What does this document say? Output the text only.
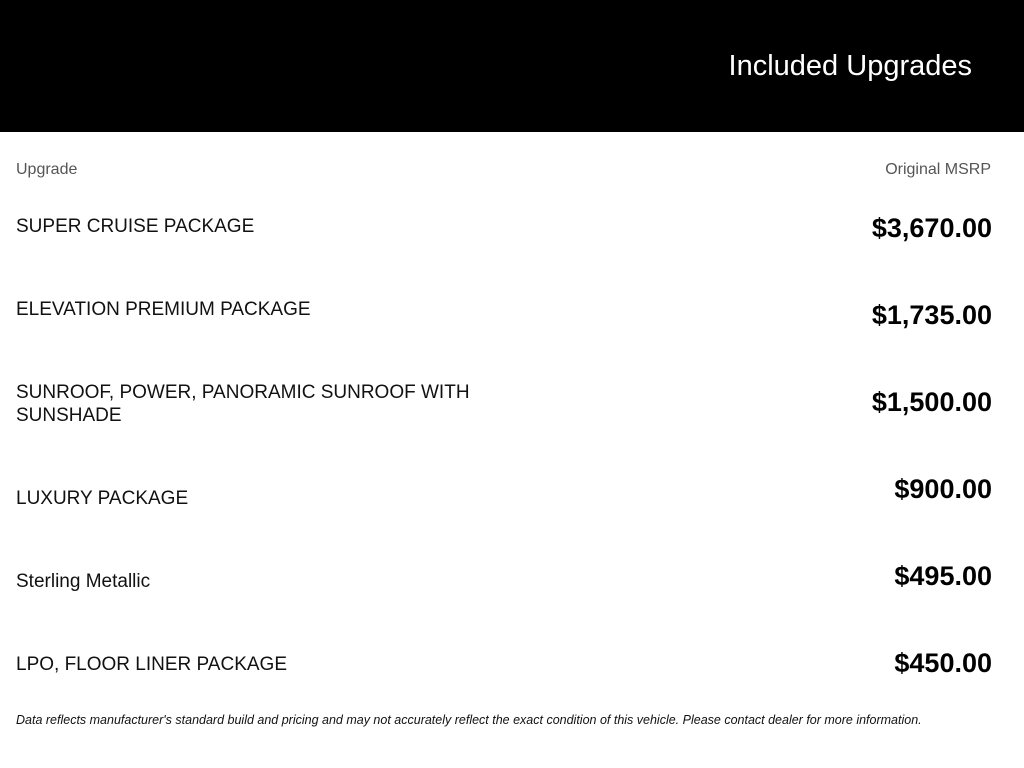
Included Upgrades
Upgrade	Original MSRP
SUPER CRUISE PACKAGE	$3,670.00
ELEVATION PREMIUM PACKAGE	$1,735.00
SUNROOF, POWER, PANORAMIC SUNROOF WITH SUNSHADE	$1,500.00
LUXURY PACKAGE	$900.00
Sterling Metallic	$495.00
LPO, FLOOR LINER PACKAGE	$450.00
Data reflects manufacturer's standard build and pricing and may not accurately reflect the exact condition of this vehicle. Please contact dealer for more information.
